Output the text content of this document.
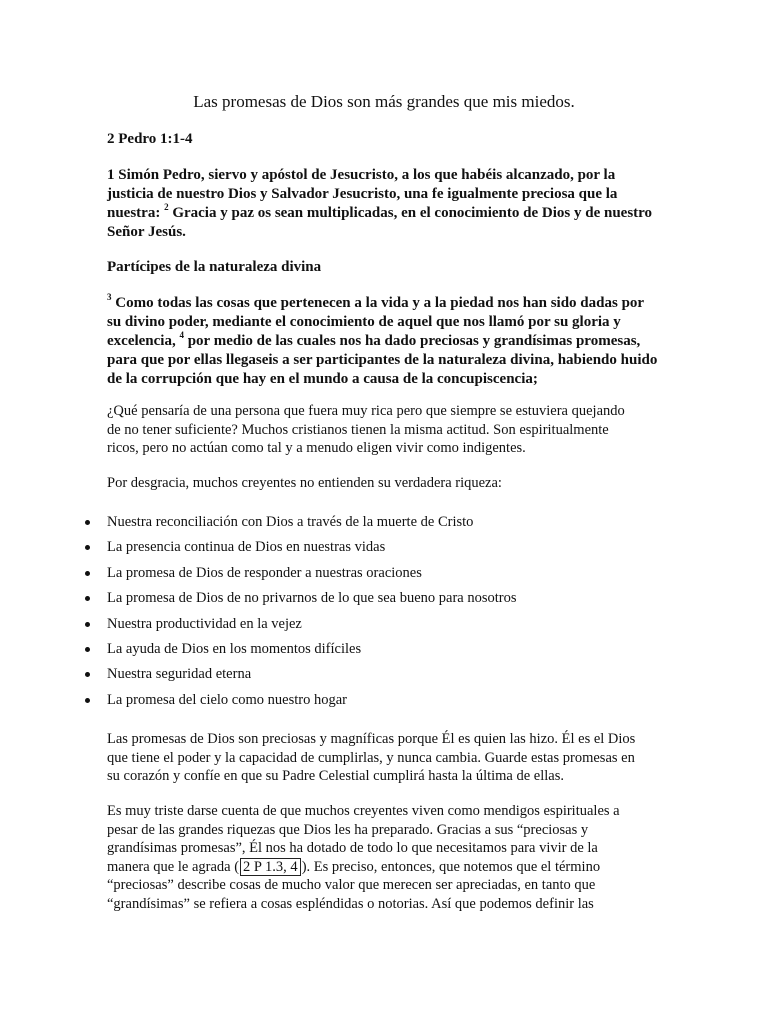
Las promesas de Dios son más grandes que mis miedos.
2 Pedro 1:1-4
1 Simón Pedro, siervo y apóstol de Jesucristo, a los que habéis alcanzado, por la
justicia de nuestro Dios y Salvador Jesucristo, una fe igualmente preciosa que la
nuestra: $^2$ Gracia y paz os sean multiplicadas, en el conocimiento de Dios y de nuestro
Señor Jesús.
Partícipes de la naturaleza divina
$^3$ Como todas las cosas que pertenecen a la vida y a la piedad nos han sido dadas por
su divino poder, mediante el conocimiento de aquel que nos llamó por su gloria y
excelencia, $^4$ por medio de las cuales nos ha dado preciosas y grandísimas promesas,
para que por ellas llegaseis a ser participantes de la naturaleza divina, habiendo huido
de la corrupción que hay en el mundo a causa de la concupiscencia;
¿Qué pensaría de una persona que fuera muy rica pero que siempre se estuviera quejando
de no tener suficiente? Muchos cristianos tienen la misma actitud. Son espiritualmente
ricos, pero no actúan como tal y a menudo eligen vivir como indigentes.
Por desgracia, muchos creyentes no entienden su verdadera riqueza:
Nuestra reconciliación con Dios a través de la muerte de Cristo
La presencia continua de Dios en nuestras vidas
La promesa de Dios de responder a nuestras oraciones
La promesa de Dios de no privarnos de lo que sea bueno para nosotros
Nuestra productividad en la vejez
La ayuda de Dios en los momentos difíciles
Nuestra seguridad eterna
La promesa del cielo como nuestro hogar
Las promesas de Dios son preciosas y magníficas porque Él es quien las hizo. Él es el Dios
que tiene el poder y la capacidad de cumplirlas, y nunca cambia. Guarde estas promesas en
su corazón y confíe en que su Padre Celestial cumplirá hasta la última de ellas.
Es muy triste darse cuenta de que muchos creyentes viven como mendigos espirituales a
pesar de las grandes riquezas que Dios les ha preparado. Gracias a sus “preciosas y
grandísimas promesas”, Él nos ha dotado de todo lo que necesitamos para vivir de la
manera que le agrada ( 2 P 1.3, 4 ). Es preciso, entonces, que notemos que el término
“preciosas” describe cosas de mucho valor que merecen ser apreciadas, en tanto que
“grandísimas” se refiera a cosas espléndidas o notorias. Así que podemos definir las
